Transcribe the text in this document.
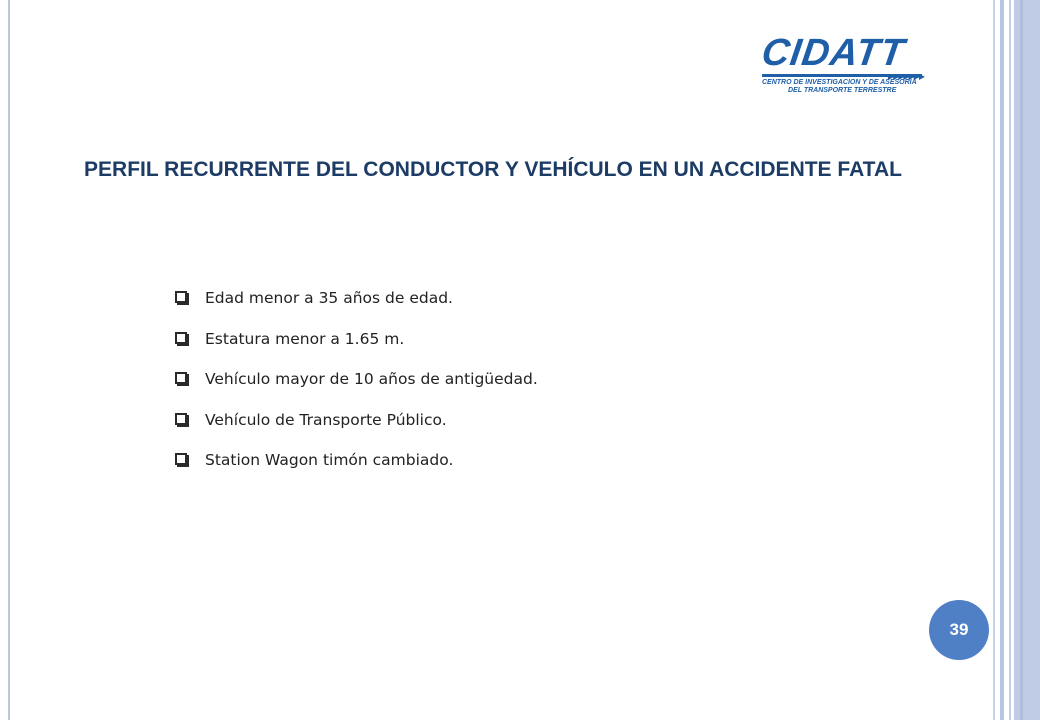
CIDATT
▶▶▶▶▶▶▶
CENTRO DE INVESTIGACION Y DE ASESORIA
DEL TRANSPORTE TERRESTRE
PERFIL RECURRENTE DEL CONDUCTOR Y VEHÍCULO EN UN ACCIDENTE FATAL
Edad menor a 35 años de edad.
Estatura menor a 1.65 m.
Vehículo mayor de 10 años de antigüedad.
Vehículo de Transporte Público.
Station Wagon timón cambiado.
39
